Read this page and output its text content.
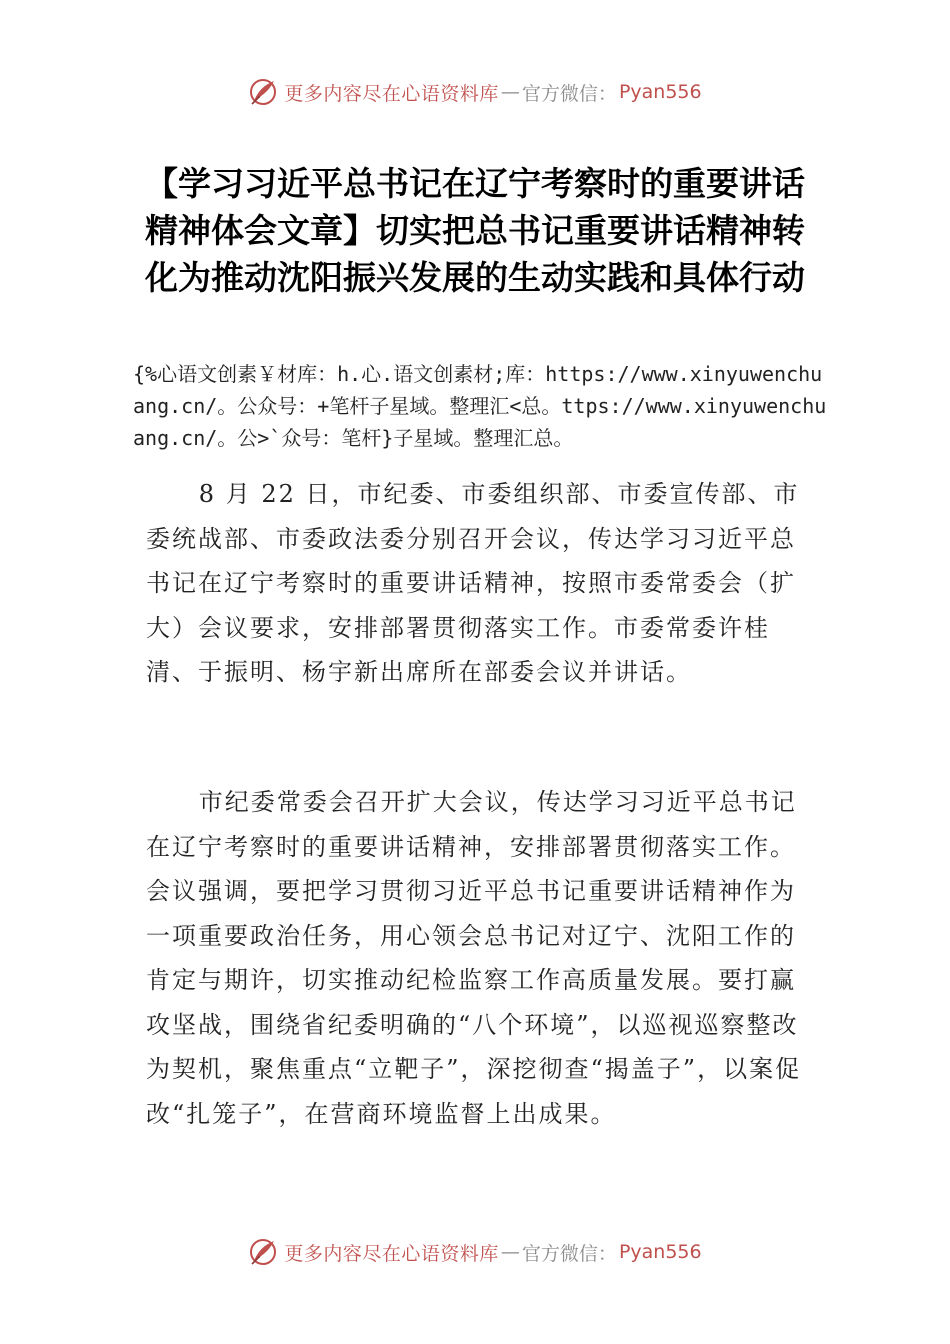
更多内容尽在心语资料库 — 官方微信： Pyan556
【学习习近平总书记在辽宁考察时的重要讲话精神体会文章】切实把总书记重要讲话精神转化为推动沈阳振兴发展的生动实践和具体行动
{%心语文创素￥材库：h.心.语文创素材;库：https://www.xinyuwenchuang.cn/。公众号：+笔杆子星域。整理汇<总。ttps://www.xinyuwenchuang.cn/。公>`众号：笔杆}子星域。整理汇总。

8 月 22 日，市纪委、市委组织部、市委宣传部、市委统战部、市委政法委分别召开会议，传达学习习近平总书记在辽宁考察时的重要讲话精神，按照市委常委会（扩大）会议要求，安排部署贯彻落实工作。市委常委许桂清、于振明、杨宇新出席所在部委会议并讲话。

市纪委常委会召开扩大会议，传达学习习近平总书记在辽宁考察时的重要讲话精神，安排部署贯彻落实工作。会议强调，要把学习贯彻习近平总书记重要讲话精神作为一项重要政治任务，用心领会总书记对辽宁、沈阳工作的肯定与期许，切实推动纪检监察工作高质量发展。要打赢攻坚战，围绕省纪委明确的“八个环境”，以巡视巡察整改为契机，聚焦重点“立靶子”，深挖彻查“揭盖子”，以案促改“扎笼子”，在营商环境监督上出成果。

更多内容尽在心语资料库 — 官方微信： Pyan556
